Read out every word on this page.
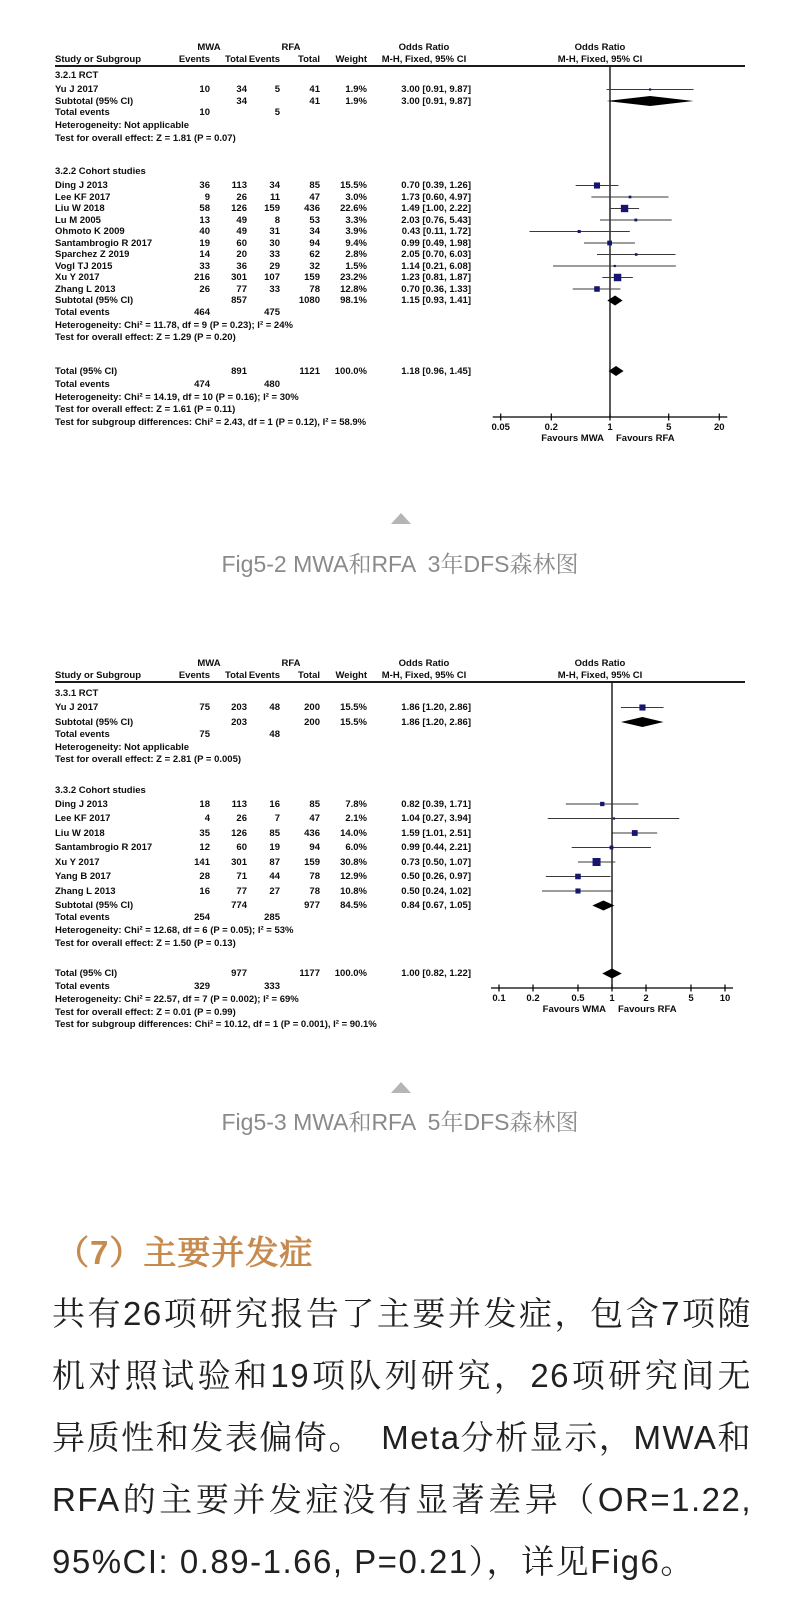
MWA	RFA	Odds Ratio	Odds Ratio
Study or Subgroup	Events	Total Events	Total	Weight M-H, Fixed, 95% CI	M-H, Fixed, 95% CI
3.2.1 RCT
Yu J 2017	10	34	5	41	1.9%	3.00 [0.91, 9.87]
Subtotal (95% CI)	34	41	1.9%	3.00 [0.91, 9.87]
Total events	10	5
Heterogeneity: Not applicable
Test for overall effect: Z = 1.81 (P = 0.07)
3.2.2 Cohort studies
Ding J 2013	36	113	34	85	15.5%	0.70 [0.39, 1.26]
Lee KF 2017	9	26	11	47	3.0%	1.73 [0.60, 4.97]
Liu W 2018	58	126	159	436	22.6%	1.49 [1.00, 2.22]
Lu M 2005	13	49	8	53	3.3%	2.03 [0.76, 5.43]
Ohmoto K 2009	40	49	31	34	3.9%	0.43 [0.11, 1.72]
Santambrogio R 2017	19	60	30	94	9.4%	0.99 [0.49, 1.98]
Sparchez Z 2019	14	20	33	62	2.8%	2.05 [0.70, 6.03]
Vogl TJ 2015	33	36	29	32	1.5%	1.14 [0.21, 6.08]
Xu Y 2017	216	301	107	159	23.2%	1.23 [0.81, 1.87]
Zhang L 2013	26	77	33	78	12.8%	0.70 [0.36, 1.33]
Subtotal (95% CI)	857	1080	98.1%	1.15 [0.93, 1.41]
Total events	464	475
Heterogeneity: Chi² = 11.78, df = 9 (P = 0.23); I² = 24%
Test for overall effect: Z = 1.29 (P = 0.20)
Total (95% CI)	891	1121	100.0%	1.18 [0.96, 1.45]
Total events	474	480
Heterogeneity: Chi² = 14.19, df = 10 (P = 0.16); I² = 30%
Test for overall effect: Z = 1.61 (P = 0.11)
Test for subgroup differences: Chi² = 2.43, df = 1 (P = 0.12), I² = 58.9%	0.05	0.2	1	5	20
Favours MWA Favours RFA
MWA	RFA	Odds Ratio	Odds Ratio
Study or Subgroup	Events	Total Events	Total	Weight M-H, Fixed, 95% CI	M-H, Fixed, 95% CI
3.3.1 RCT
Yu J 2017	75	203	48	200	15.5%	1.86 [1.20, 2.86]
Subtotal (95% CI)	203	200	15.5%	1.86 [1.20, 2.86]
Total events	75	48
Heterogeneity: Not applicable
Test for overall effect: Z = 2.81 (P = 0.005)
3.3.2 Cohort studies
Ding J 2013	18	113	16	85	7.8%	0.82 [0.39, 1.71]
Lee KF 2017	4	26	7	47	2.1%	1.04 [0.27, 3.94]
Liu W 2018	35	126	85	436	14.0%	1.59 [1.01, 2.51]
Santambrogio R 2017	12	60	19	94	6.0%	0.99 [0.44, 2.21]
Xu Y 2017	141	301	87	159	30.8%	0.73 [0.50, 1.07]
Yang B 2017	28	71	44	78	12.9%	0.50 [0.26, 0.97]
Zhang L 2013	16	77	27	78	10.8%	0.50 [0.24, 1.02]
Subtotal (95% CI)	774	977	84.5%	0.84 [0.67, 1.05]
Total events	254	285
Heterogeneity: Chi² = 12.68, df = 6 (P = 0.05); I² = 53%
Test for overall effect: Z = 1.50 (P = 0.13)
Total (95% CI)	977	1177	100.0%	1.00 [0.82, 1.22]
Total events	329	333
Heterogeneity: Chi² = 22.57, df = 7 (P = 0.002); I² = 69%
Test for overall effect: Z = 0.01 (P = 0.99)
Test for subgroup differences: Chi² = 10.12, df = 1 (P = 0.001), I² = 90.1%
0.1 0.2	0.5	1	2	5	10
Favours WMA Favours RFA
Fig5-2 MWA和RFA  3年DFS森林图
Fig5-3 MWA和RFA  5年DFS森林图
（7）主要并发症

共有26项研究报告了主要并发症，包含7项随机对照试验和19项队列研究，26项研究间无异质性和发表偏倚。　Meta分析显示，MWA和RFA的主要并发症没有显著差异（OR=1.22, 95%CI: 0.89-1.66, P=0.21），详见Fig6。
